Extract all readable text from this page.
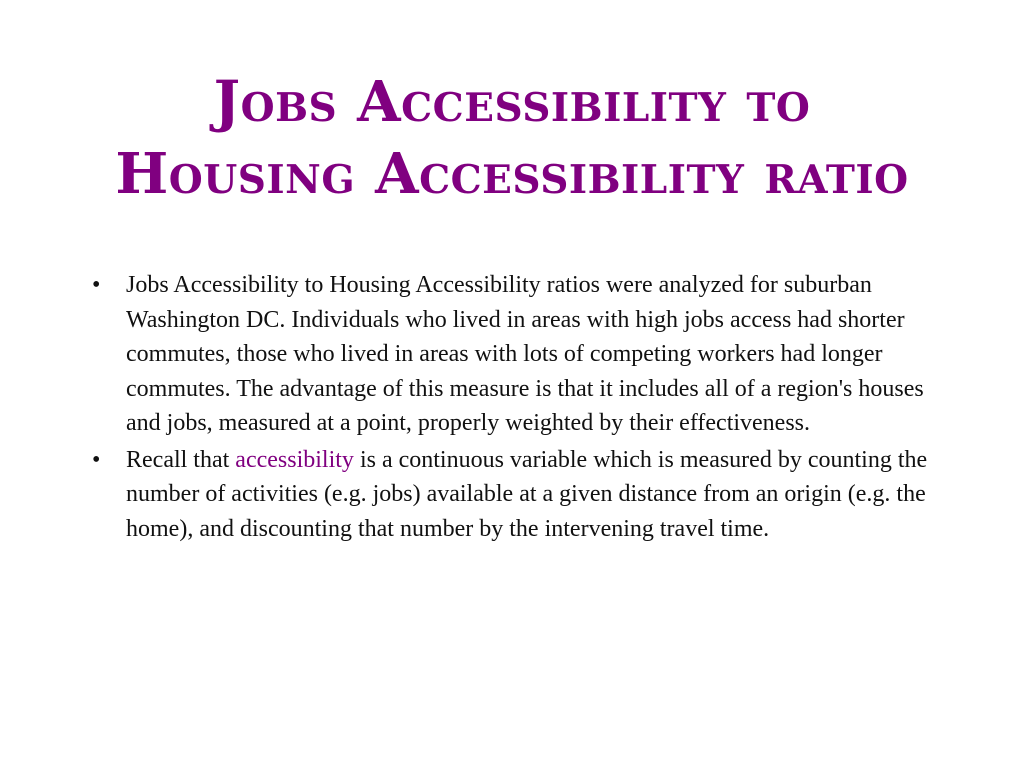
Jobs Accessibility to
Housing Accessibility ratio
•	Jobs Accessibility to Housing Accessibility ratios were analyzed for suburban Washington DC. Individuals who lived in areas with high jobs access had shorter commutes, those who lived in areas with lots of competing workers had longer commutes. The advantage of this measure is that it includes all of a region's houses and jobs, measured at a point, properly weighted by their effectiveness.
•	Recall that accessibility is a continuous variable which is measured by counting the number of activities (e.g. jobs) available at a given distance from an origin (e.g. the home), and discounting that number by the intervening travel time.
